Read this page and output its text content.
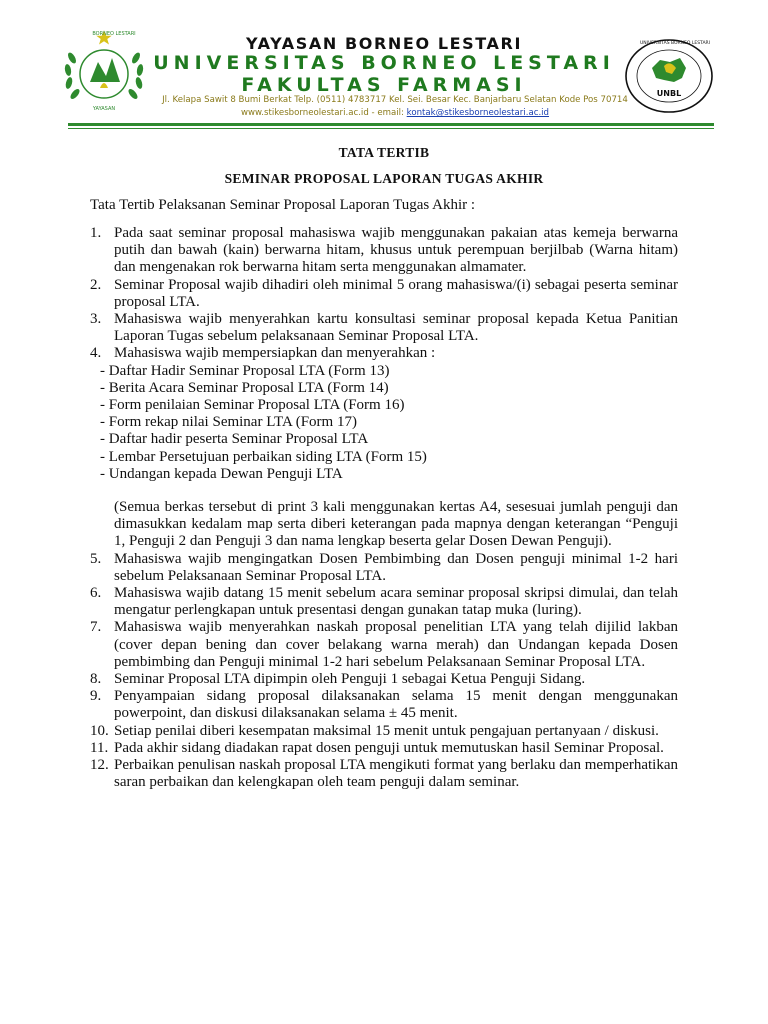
BORNEO LESTARI
YAYASAN
YAYASAN BORNEO LESTARI
UNIVERSITAS BORNEO LESTARI
FAKULTAS FARMASI
Jl. Kelapa Sawit 8 Bumi Berkat Telp. (0511) 4783717 Kel. Sei. Besar Kec. Banjarbaru Selatan Kode Pos 70714
www.stikesborneolestari.ac.id - email: kontak@stikesborneolestari.ac.id
UNIVERSITAS BORNEO LESTARI
UNBL
TATA TERTIB
SEMINAR PROPOSAL LAPORAN TUGAS AKHIR
Tata Tertib Pelaksanan Seminar Proposal Laporan Tugas Akhir :
1. Pada saat seminar proposal mahasiswa wajib menggunakan pakaian atas kemeja berwarna putih dan bawah (kain) berwarna hitam, khusus untuk perempuan berjilbab (Warna hitam) dan mengenakan rok berwarna hitam serta menggunakan almamater.
2. Seminar Proposal wajib dihadiri oleh minimal 5 orang mahasiswa/(i) sebagai peserta seminar proposal LTA.
3. Mahasiswa wajib menyerahkan kartu konsultasi seminar proposal kepada Ketua Panitian Laporan Tugas sebelum pelaksanaan Seminar Proposal LTA.
4. Mahasiswa wajib mempersiapkan dan menyerahkan :
- Daftar Hadir Seminar Proposal LTA (Form 13)
- Berita Acara Seminar Proposal LTA (Form 14)
- Form penilaian Seminar Proposal LTA (Form 16)
- Form rekap nilai Seminar LTA (Form 17)
- Daftar hadir peserta Seminar Proposal LTA
- Lembar Persetujuan perbaikan siding LTA (Form 15)
- Undangan kepada Dewan Penguji LTA
(Semua berkas tersebut di print 3 kali menggunakan kertas A4, sesesuai jumlah penguji dan dimasukkan kedalam map serta diberi keterangan pada mapnya dengan keterangan “Penguji 1, Penguji 2 dan Penguji 3 dan nama lengkap beserta gelar Dosen Dewan Penguji).
5. Mahasiswa wajib mengingatkan Dosen Pembimbing dan Dosen penguji minimal 1-2 hari sebelum Pelaksanaan Seminar Proposal LTA.
6. Mahasiswa wajib datang 15 menit sebelum acara seminar proposal skripsi dimulai, dan telah mengatur perlengkapan untuk presentasi dengan gunakan tatap muka (luring).
7. Mahasiswa wajib menyerahkan naskah proposal penelitian LTA yang telah dijilid lakban (cover depan bening dan cover belakang warna merah) dan Undangan kepada Dosen pembimbing dan Penguji minimal 1-2 hari sebelum Pelaksanaan Seminar Proposal LTA.
8. Seminar Proposal LTA dipimpin oleh Penguji 1 sebagai Ketua Penguji Sidang.
9. Penyampaian sidang proposal dilaksanakan selama 15 menit dengan menggunakan powerpoint, dan diskusi dilaksanakan selama ± 45 menit.
10. Setiap penilai diberi kesempatan maksimal 15 menit untuk pengajuan pertanyaan / diskusi.
11. Pada akhir sidang diadakan rapat dosen penguji untuk memutuskan hasil Seminar Proposal.
12. Perbaikan penulisan naskah proposal LTA mengikuti format yang berlaku dan memperhatikan saran perbaikan dan kelengkapan oleh team penguji dalam seminar.
